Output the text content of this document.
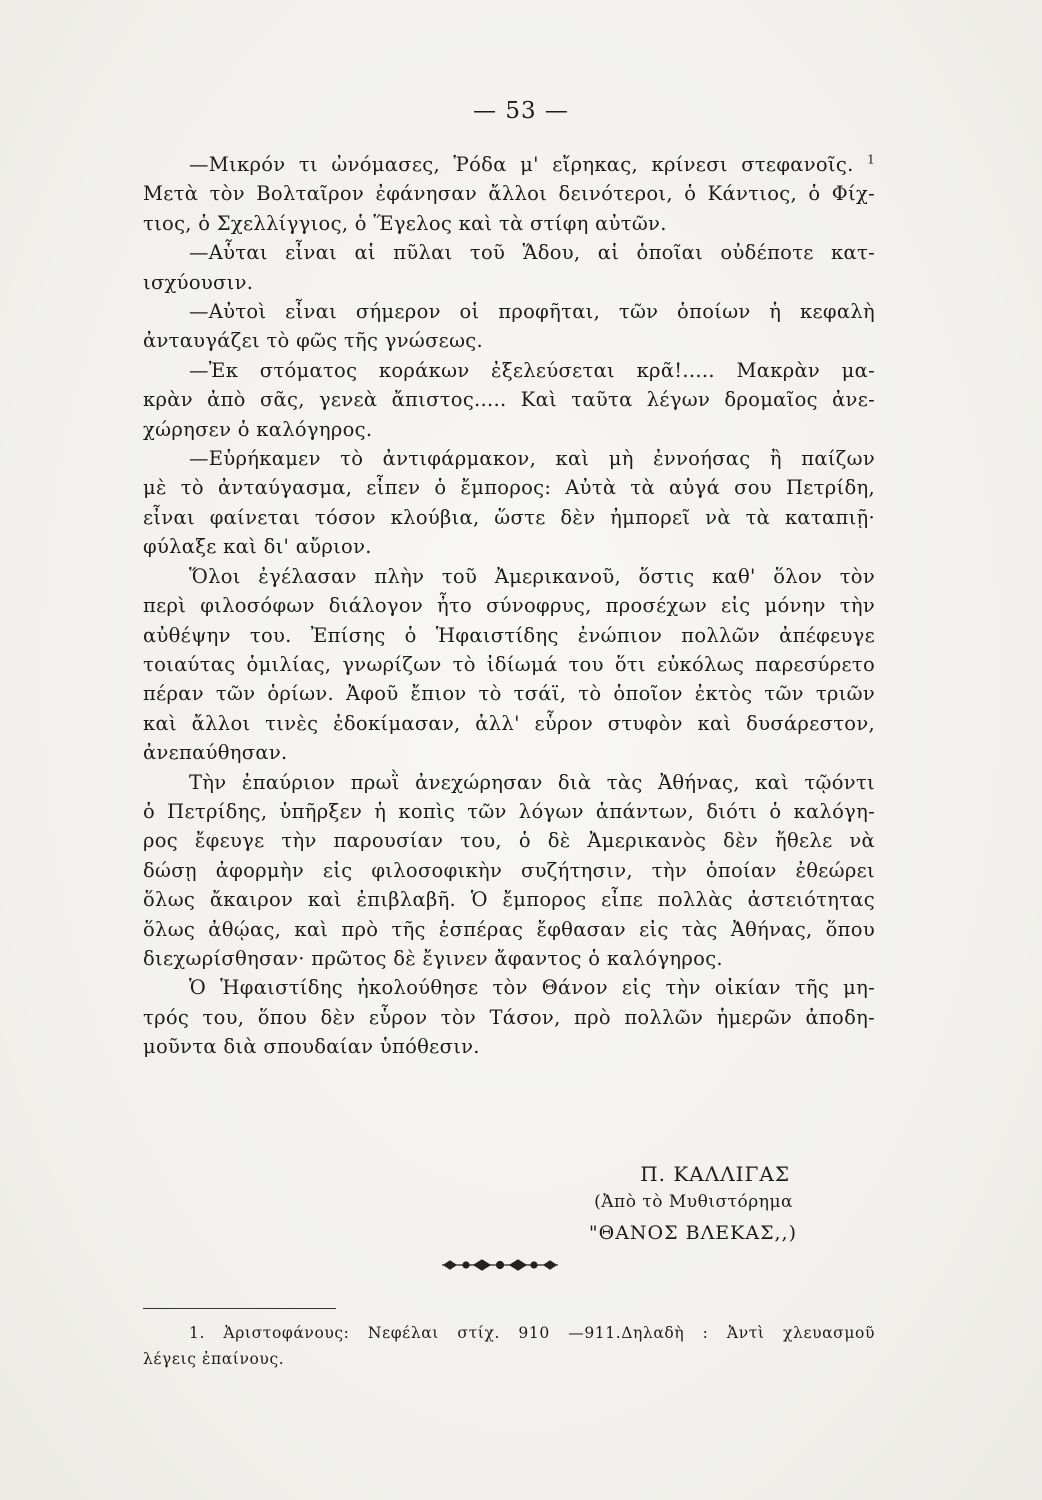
— 53 —
—Μικρόν τι ὠνόμασες, Ῥόδα μ' εἴρηκας, κρίνεσι στεφανοῖς. $^1$
Μετὰ τὸν Βολταῖρον ἐφάνησαν ἄλλοι δεινότεροι, ὁ Κάντιος, ὁ Φίχ-
τιος, ὁ Σχελλίγγιος, ὁ Ἕγελος καὶ τὰ στίφη αὐτῶν.
—Αὗται εἶναι αἱ πῦλαι τοῦ Ἅδου, αἱ ὁποῖαι οὐδέποτε κατ-
ισχύουσιν.
—Αὐτοὶ εἶναι σήμερον οἱ προφῆται, τῶν ὁποίων ἡ κεφαλὴ
ἀνταυγάζει τὸ φῶς τῆς γνώσεως.
—Ἐκ στόματος κοράκων ἐξελεύσεται κρᾶ!..... Μακρὰν μα-
κρὰν ἀπὸ σᾶς, γενεὰ ἄπιστος..... Καὶ ταῦτα λέγων δρομαῖος ἀνε-
χώρησεν ὁ καλόγηρος.
—Εὑρήκαμεν τὸ ἀντιφάρμακον, καὶ μὴ ἐννοήσας ἢ παίζων
μὲ τὸ ἀνταύγασμα, εἶπεν ὁ ἔμπορος: Αὐτὰ τὰ αὐγά σου Πετρίδη,
εἶναι φαίνεται τόσον κλούβια, ὥστε δὲν ἠμπορεῖ νὰ τὰ καταπιῇ·
φύλαξε καὶ δι' αὔριον.
Ὅλοι ἐγέλασαν πλὴν τοῦ Ἀμερικανοῦ, ὅστις καθ' ὅλον τὸν
περὶ φιλοσόφων διάλογον ἦτο σύνοφρυς, προσέχων εἰς μόνην τὴν
αὐθέψην του. Ἐπίσης ὁ Ἡφαιστίδης ἐνώπιον πολλῶν ἀπέφευγε
τοιαύτας ὁμιλίας, γνωρίζων τὸ ἰδίωμά του ὅτι εὐκόλως παρεσύρετο
πέραν τῶν ὁρίων. Ἀφοῦ ἔπιον τὸ τσάϊ, τὸ ὁποῖον ἐκτὸς τῶν τριῶν
καὶ ἄλλοι τινὲς ἐδοκίμασαν, ἀλλ' εὗρον στυφὸν καὶ δυσάρεστον,
ἀνεπαύθησαν.
Τὴν ἐπαύριον πρωῒ ἀνεχώρησαν διὰ τὰς Ἀθήνας, καὶ τῷόντι
ὁ Πετρίδης, ὑπῆρξεν ἡ κοπὶς τῶν λόγων ἁπάντων, διότι ὁ καλόγη-
ρος ἔφευγε τὴν παρουσίαν του, ὁ δὲ Ἀμερικανὸς δὲν ἤθελε νὰ
δώσῃ ἀφορμὴν εἰς φιλοσοφικὴν συζήτησιν, τὴν ὁποίαν ἐθεώρει
ὅλως ἄκαιρον καὶ ἐπιβλαβῆ. Ὁ ἔμπορος εἶπε πολλὰς ἀστειότητας
ὅλως ἀθῴας, καὶ πρὸ τῆς ἑσπέρας ἔφθασαν εἰς τὰς Ἀθήνας, ὅπου
διεχωρίσθησαν· πρῶτος δὲ ἔγινεν ἄφαντος ὁ καλόγηρος.
Ὁ Ἡφαιστίδης ἠκολούθησε τὸν Θάνον εἰς τὴν οἰκίαν τῆς μη-
τρός του, ὅπου δὲν εὗρον τὸν Τάσον, πρὸ πολλῶν ἡμερῶν ἀποδη-
μοῦντα διὰ σπουδαίαν ὑπόθεσιν.
Π. ΚΑΛΛΙΓΑΣ
(Ἀπὸ τὸ Μυθιστόρημα
"ΘΑΝΟΣ ΒΛΕΚΑΣ,,)
1. Ἀριστοφάνους: Νεφέλαι στίχ. 910 —911.Δηλαδὴ : Ἀντὶ χλευασμοῦ
λέγεις ἐπαίνους.
